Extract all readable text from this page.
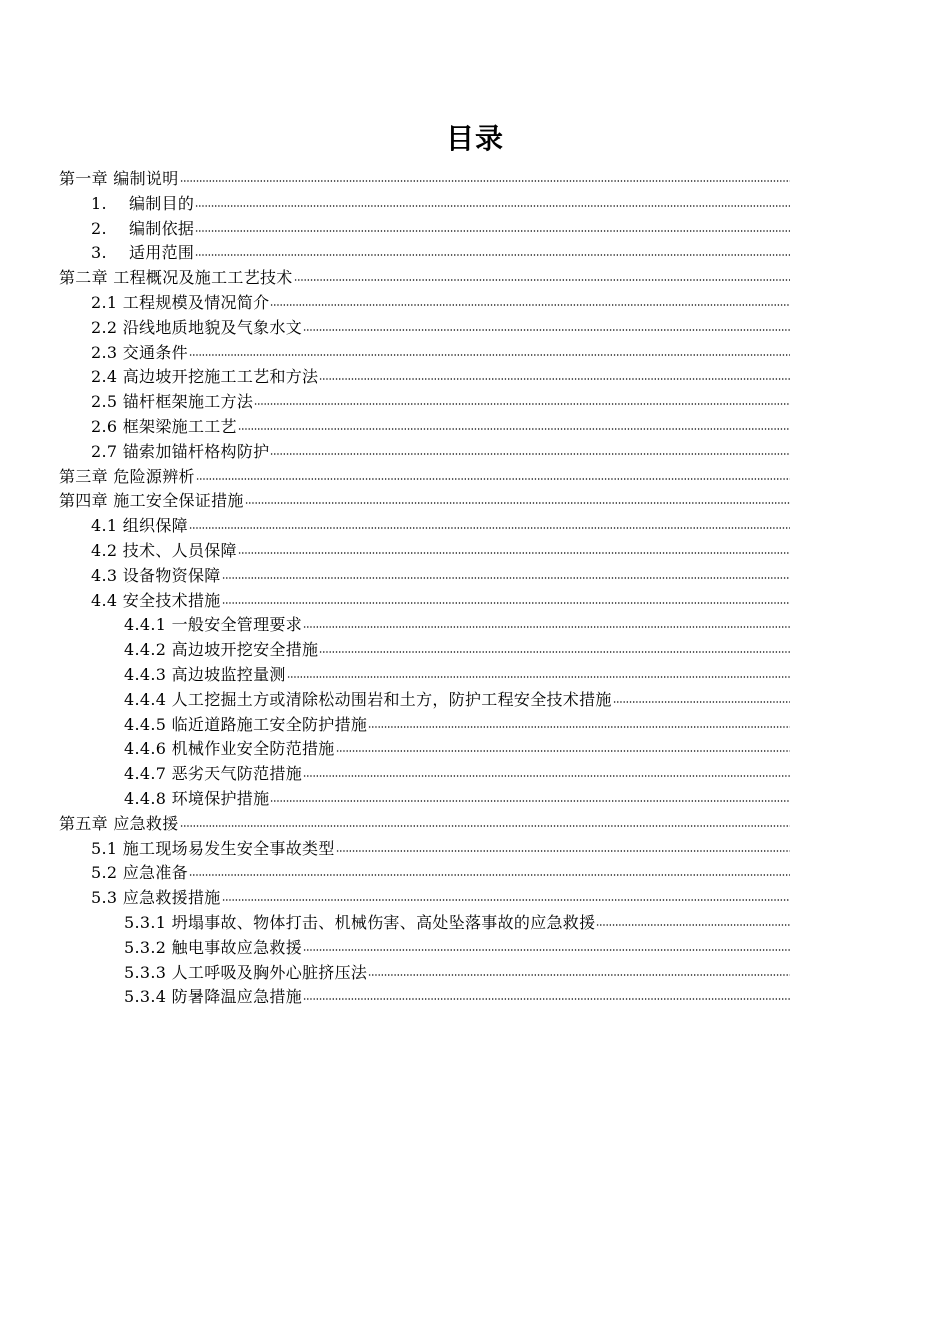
目录
第一章 编制说明
1. 编制目的
2. 编制依据
3. 适用范围
第二章 工程概况及施工工艺技术
2.1 工程规模及情况简介
2.2 沿线地质地貌及气象水文
2.3 交通条件
2.4 高边坡开挖施工工艺和方法
2.5 锚杆框架施工方法
2.6 框架梁施工工艺
2.7 锚索加锚杆格构防护
第三章 危险源辨析
第四章 施工安全保证措施
4.1 组织保障
4.2 技术、人员保障
4.3 设备物资保障
4.4 安全技术措施
4.4.1 一般安全管理要求
4.4.2 高边坡开挖安全措施
4.4.3 高边坡监控量测
4.4.4 人工挖掘土方或清除松动围岩和土方，防护工程安全技术措施
4.4.5 临近道路施工安全防护措施
4.4.6 机械作业安全防范措施
4.4.7 恶劣天气防范措施
4.4.8 环境保护措施
第五章 应急救援
5.1 施工现场易发生安全事故类型
5.2 应急准备
5.3 应急救援措施
5.3.1 坍塌事故、物体打击、机械伤害、高处坠落事故的应急救援
5.3.2 触电事故应急救援
5.3.3 人工呼吸及胸外心脏挤压法
5.3.4 防暑降温应急措施
